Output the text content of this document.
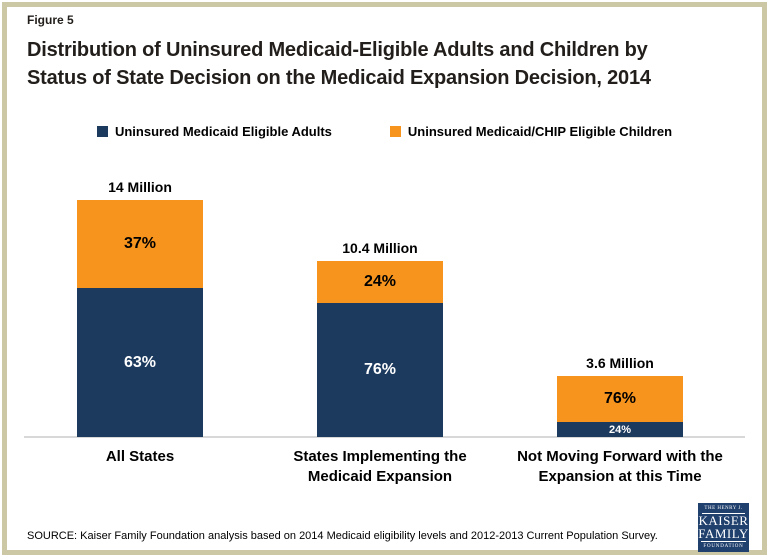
Figure 5
Distribution of Uninsured Medicaid-Eligible Adults and Children by
Status of State Decision on the Medicaid Expansion Decision, 2014
Uninsured Medicaid Eligible Adults	Uninsured Medicaid/CHIP Eligible Children
14 Million
37%
63%
10.4 Million
24%
76%	3.6 Million
76%
24%
All States	States Implementing the
Medicaid Expansion
Not Moving Forward with the
Expansion at this Time
SOURCE: Kaiser Family Foundation analysis based on 2014 Medicaid eligibility levels and 2012-2013 Current Population Survey.
THE HENRY J.
KAISER
FAMILY
FOUNDATION
